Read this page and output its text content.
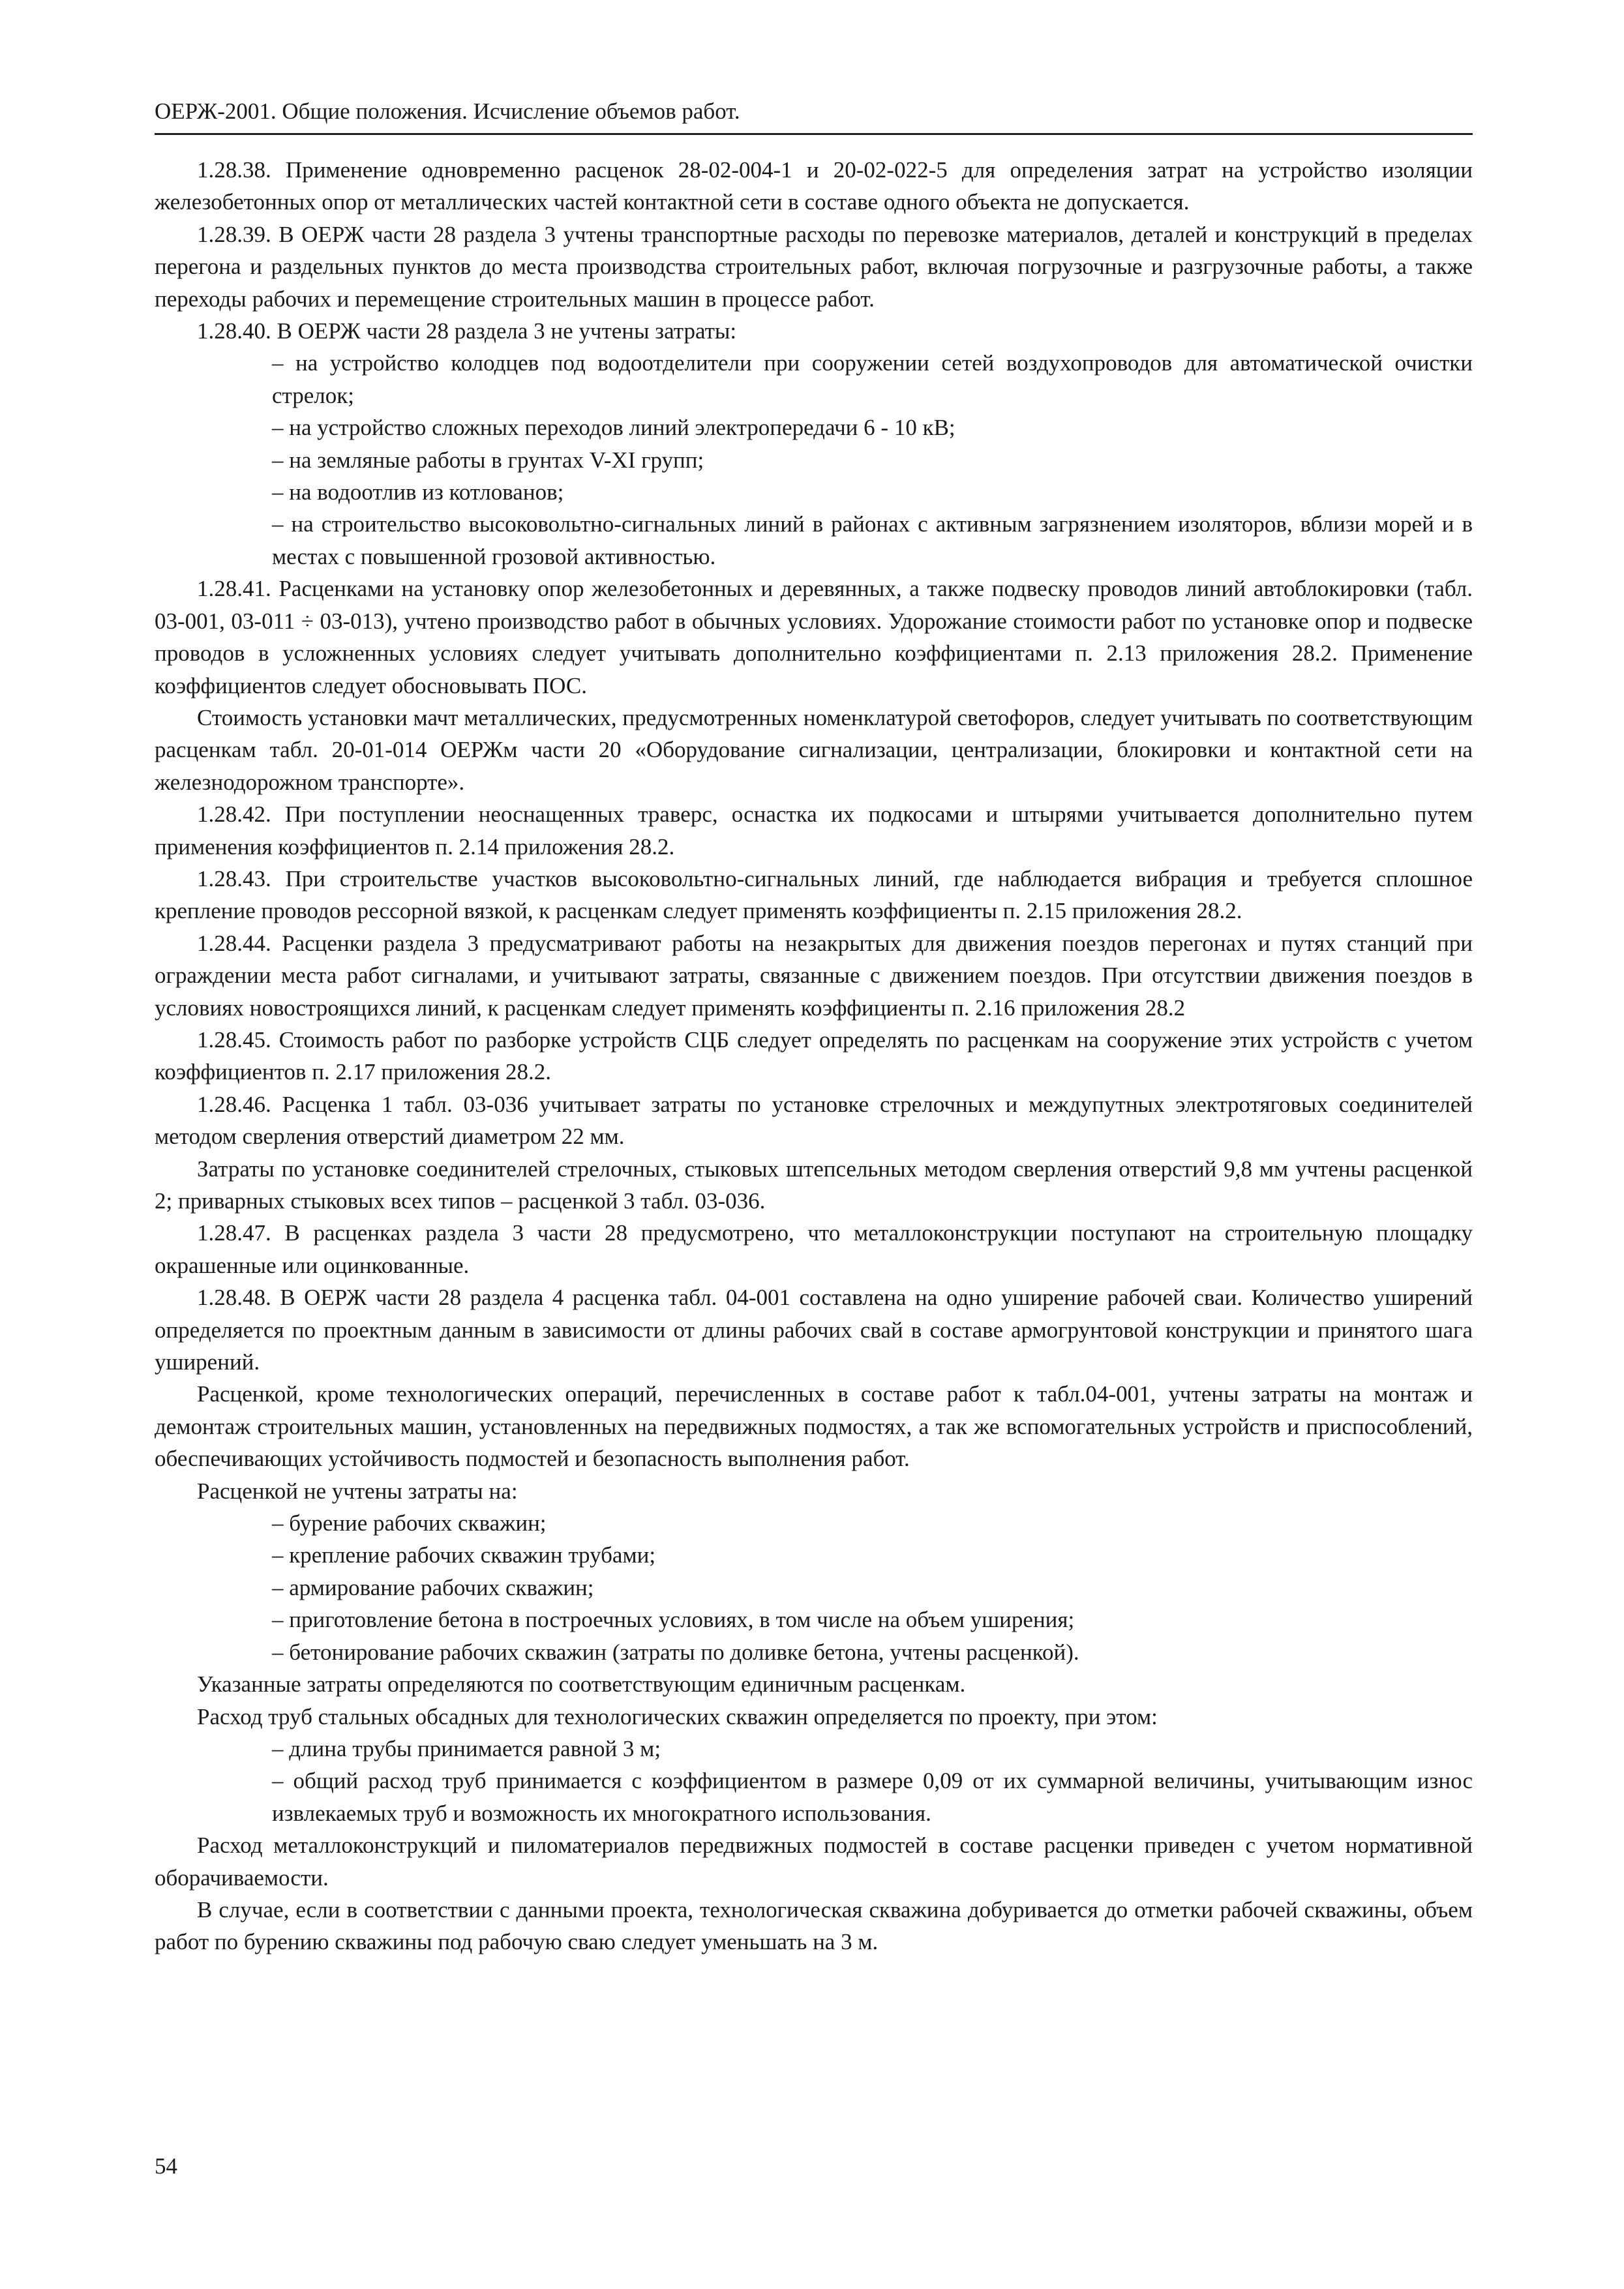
ОЕРЖ-2001. Общие положения. Исчисление объемов работ.

1.28.38. Применение одновременно расценок 28-02-004-1 и 20-02-022-5 для определения затрат на устройство изоляции железобетонных опор от металлических частей контактной сети в составе одного объекта не допускается.

1.28.39. В ОЕРЖ части 28 раздела 3 учтены транспортные расходы по перевозке материалов, деталей и конструкций в пределах перегона и раздельных пунктов до места производства строительных работ, включая погрузочные и разгрузочные работы, а также переходы рабочих и перемещение строительных машин в процессе работ.

1.28.40. В ОЕРЖ части 28 раздела 3 не учтены затраты:

– на устройство колодцев под водоотделители при сооружении сетей воздухопроводов для автоматической очистки стрелок;

– на устройство сложных переходов линий электропередачи 6 - 10 кВ;

– на земляные работы в грунтах V-XI групп;

– на водоотлив из котлованов;

– на строительство высоковольтно-сигнальных линий в районах с активным загрязнением изоляторов, вблизи морей и в местах с повышенной грозовой активностью.

1.28.41. Расценками на установку опор железобетонных и деревянных, а также подвеску проводов линий автоблокировки (табл. 03-001, 03-011 ÷ 03-013), учтено производство работ в обычных условиях. Удорожание стоимости работ по установке опор и подвеске проводов в усложненных условиях следует учитывать дополнительно коэффициентами п. 2.13 приложения 28.2. Применение коэффициентов следует обосновывать ПОС.

Стоимость установки мачт металлических, предусмотренных номенклатурой светофоров, следует учитывать по соответствующим расценкам табл. 20-01-014 ОЕРЖм части 20 «Оборудование сигнализации, централизации, блокировки и контактной сети на железнодорожном транспорте».

1.28.42. При поступлении неоснащенных траверс, оснастка их подкосами и штырями учитывается дополнительно путем применения коэффициентов п. 2.14 приложения 28.2.

1.28.43. При строительстве участков высоковольтно-сигнальных линий, где наблюдается вибрация и требуется сплошное крепление проводов рессорной вязкой, к расценкам следует применять коэффициенты п. 2.15 приложения 28.2.

1.28.44. Расценки раздела 3 предусматривают работы на незакрытых для движения поездов перегонах и путях станций при ограждении места работ сигналами, и учитывают затраты, связанные с движением поездов. При отсутствии движения поездов в условиях новостроящихся линий, к расценкам следует применять коэффициенты п. 2.16 приложения 28.2

1.28.45. Стоимость работ по разборке устройств СЦБ следует определять по расценкам на сооружение этих устройств с учетом коэффициентов п. 2.17 приложения 28.2.

1.28.46. Расценка 1 табл. 03-036 учитывает затраты по установке стрелочных и междупутных электротяговых соединителей методом сверления отверстий диаметром 22 мм.

Затраты по установке соединителей стрелочных, стыковых штепсельных методом сверления отверстий 9,8 мм учтены расценкой 2; приварных стыковых всех типов – расценкой 3 табл. 03-036.

1.28.47. В расценках раздела 3 части 28 предусмотрено, что металлоконструкции поступают на строительную площадку окрашенные или оцинкованные.

1.28.48. В ОЕРЖ части 28 раздела 4 расценка табл. 04-001 составлена на одно уширение рабочей сваи. Количество уширений определяется по проектным данным в зависимости от длины рабочих свай в составе армогрунтовой конструкции и принятого шага уширений.

Расценкой, кроме технологических операций, перечисленных в составе работ к табл.04-001, учтены затраты на монтаж и демонтаж строительных машин, установленных на передвижных подмостях, а так же вспомогательных устройств и приспособлений, обеспечивающих устойчивость подмостей и безопасность выполнения работ.

Расценкой не учтены затраты на:

– бурение рабочих скважин;

– крепление рабочих скважин трубами;

– армирование рабочих скважин;

– приготовление бетона в построечных условиях, в том числе на объем уширения;

– бетонирование рабочих скважин (затраты по доливке бетона, учтены расценкой).

Указанные затраты определяются по соответствующим единичным расценкам.

Расход труб стальных обсадных для технологических скважин определяется по проекту, при этом:

– длина трубы принимается равной 3 м;

– общий расход труб принимается с коэффициентом в размере 0,09 от их суммарной величины, учитывающим износ извлекаемых труб и возможность их многократного использования.

Расход металлоконструкций и пиломатериалов передвижных подмостей в составе расценки приведен с учетом нормативной оборачиваемости.

В случае, если в соответствии с данными проекта, технологическая скважина добуривается до отметки рабочей скважины, объем работ по бурению скважины под рабочую сваю следует уменьшать на 3 м.

54
